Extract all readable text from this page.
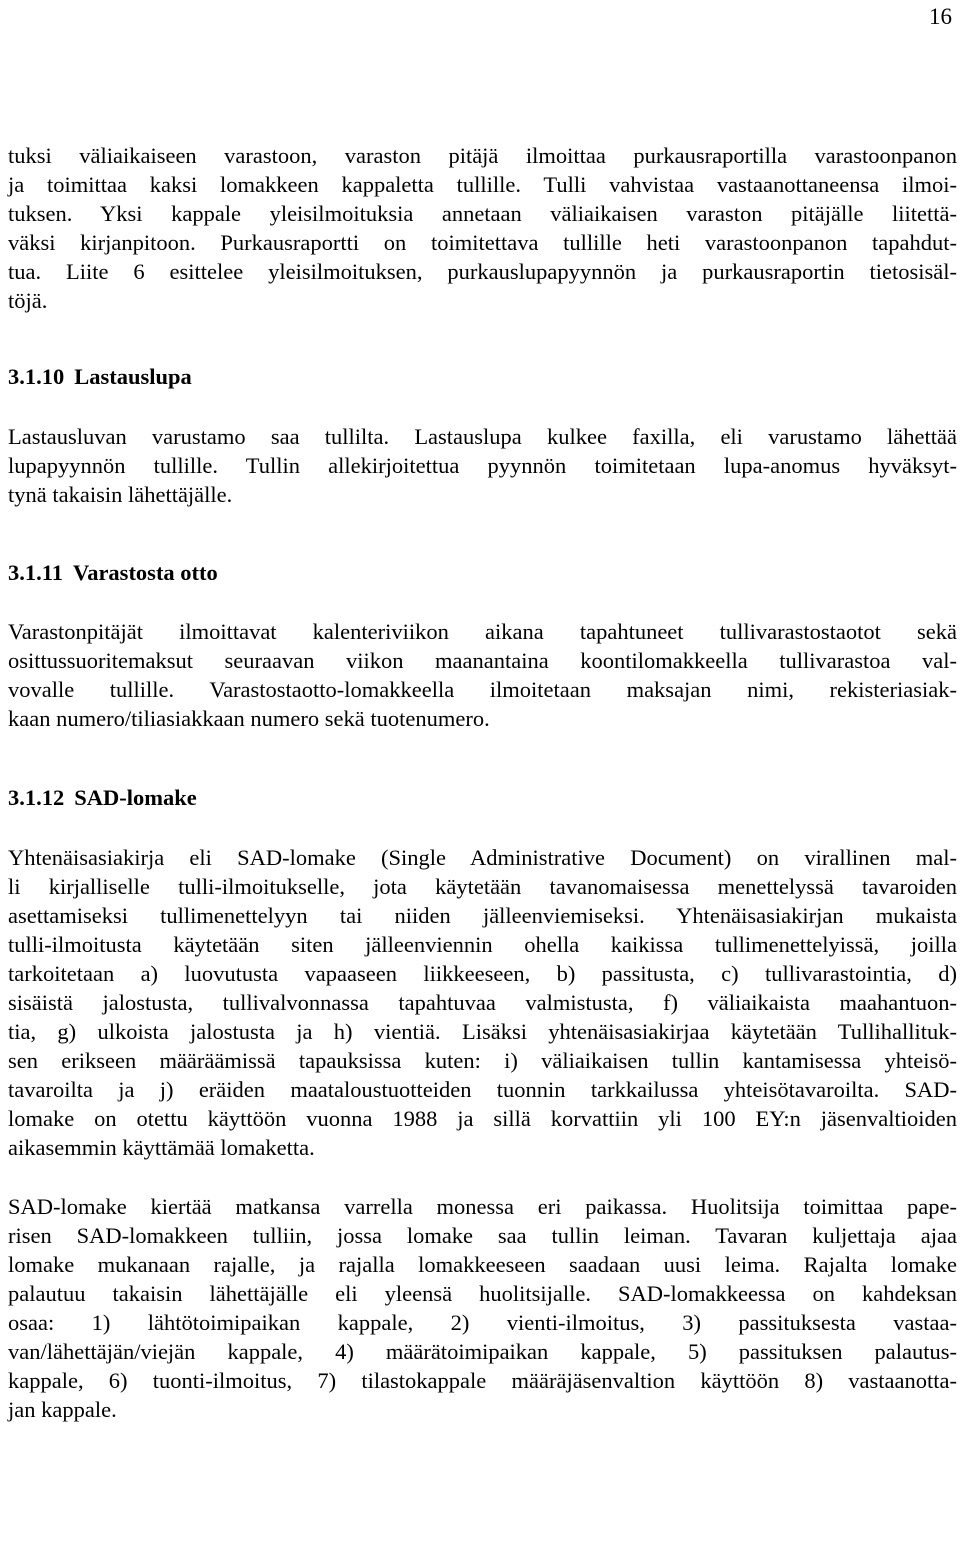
16
tuksi väliaikaiseen varastoon, varaston pitäjä ilmoittaa purkausraportilla varastoonpanon
ja toimittaa kaksi lomakkeen kappaletta tullille. Tulli vahvistaa vastaanottaneensa ilmoi-
tuksen. Yksi kappale yleisilmoituksia annetaan väliaikaisen varaston pitäjälle liitettä-
väksi kirjanpitoon. Purkausraportti on toimitettava tullille heti varastoonpanon tapahdut-
tua. Liite 6 esittelee yleisilmoituksen, purkauslupapyynnön ja purkausraportin tietosisäl-
töjä.
3.1.10 Lastauslupa
Lastausluvan varustamo saa tullilta. Lastauslupa kulkee faxilla, eli varustamo lähettää
lupapyynnön tullille. Tullin allekirjoitettua pyynnön toimitetaan lupa-anomus hyväksyt-
tynä takaisin lähettäjälle.
3.1.11 Varastosta otto
Varastonpitäjät ilmoittavat kalenteriviikon aikana tapahtuneet tullivarastostaotot sekä
osittussuoritemaksut seuraavan viikon maanantaina koontilomakkeella tullivarastoa val-
vovalle tullille. Varastostaotto-lomakkeella ilmoitetaan maksajan nimi, rekisteriasiak-
kaan numero/tiliasiakkaan numero sekä tuotenumero.
3.1.12 SAD-lomake
Yhtenäisasiakirja eli SAD-lomake (Single Administrative Document) on virallinen mal-
li kirjalliselle tulli-ilmoitukselle, jota käytetään tavanomaisessa menettelyssä tavaroiden
asettamiseksi tullimenettelyyn tai niiden jälleenviemiseksi. Yhtenäisasiakirjan mukaista
tulli-ilmoitusta käytetään siten jälleenviennin ohella kaikissa tullimenettelyissä, joilla
tarkoitetaan a) luovutusta vapaaseen liikkeeseen, b) passitusta, c) tullivarastointia, d)
sisäistä jalostusta, tullivalvonnassa tapahtuvaa valmistusta, f) väliaikaista maahantuon-
tia, g) ulkoista jalostusta ja h) vientiä. Lisäksi yhtenäisasiakirjaa käytetään Tullihallituk-
sen erikseen määräämissä tapauksissa kuten: i) väliaikaisen tullin kantamisessa yhteisö-
tavaroilta ja j) eräiden maataloustuotteiden tuonnin tarkkailussa yhteisötavaroilta. SAD-
lomake on otettu käyttöön vuonna 1988 ja sillä korvattiin yli 100 EY:n jäsenvaltioiden
aikasemmin käyttämää lomaketta.
SAD-lomake kiertää matkansa varrella monessa eri paikassa. Huolitsija toimittaa pape-
risen SAD-lomakkeen tulliin, jossa lomake saa tullin leiman. Tavaran kuljettaja ajaa
lomake mukanaan rajalle, ja rajalla lomakkeeseen saadaan uusi leima. Rajalta lomake
palautuu takaisin lähettäjälle eli yleensä huolitsijalle. SAD-lomakkeessa on kahdeksan
osaa: 1) lähtötoimipaikan kappale, 2) vienti-ilmoitus, 3) passituksesta vastaa-
van/lähettäjän/viejän kappale, 4) määrätoimipaikan kappale, 5) passituksen palautus-
kappale, 6) tuonti-ilmoitus, 7) tilastokappale määräjäsenvaltion käyttöön 8) vastaanotta-
jan kappale.
